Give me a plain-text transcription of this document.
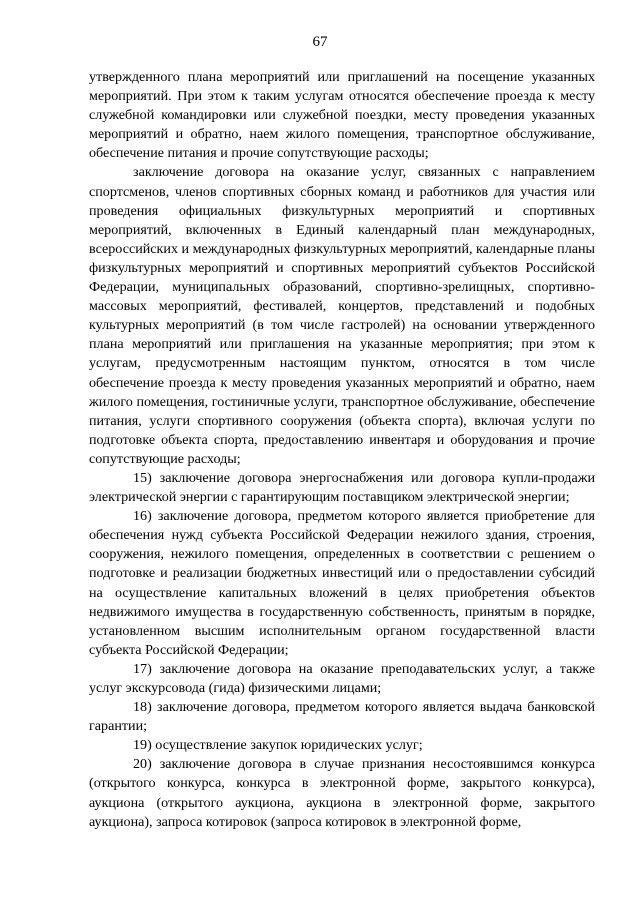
67

утвержденного плана мероприятий или приглашений на посещение указанных мероприятий. При этом к таким услугам относятся обеспечение проезда к месту служебной командировки или служебной поездки, месту проведения указанных мероприятий и обратно, наем жилого помещения, транспортное обслуживание, обеспечение питания и прочие сопутствующие расходы;

заключение договора на оказание услуг, связанных с направлением спортсменов, членов спортивных сборных команд и работников для участия или проведения официальных физкультурных мероприятий и спортивных мероприятий, включенных в Единый календарный план международных, всероссийских и международных физкультурных мероприятий, календарные планы физкультурных мероприятий и спортивных мероприятий субъектов Российской Федерации, муниципальных образований, спортивно-зрелищных, спортивно-массовых мероприятий, фестивалей, концертов, представлений и подобных культурных мероприятий (в том числе гастролей) на основании утвержденного плана мероприятий или приглашения на указанные мероприятия; при этом к услугам, предусмотренным настоящим пунктом, относятся в том числе обеспечение проезда к месту проведения указанных мероприятий и обратно, наем жилого помещения, гостиничные услуги, транспортное обслуживание, обеспечение питания, услуги спортивного сооружения (объекта спорта), включая услуги по подготовке объекта спорта, предоставлению инвентаря и оборудования и прочие сопутствующие расходы;

15) заключение договора энергоснабжения или договора купли-продажи электрической энергии с гарантирующим поставщиком электрической энергии;

16) заключение договора, предметом которого является приобретение для обеспечения нужд субъекта Российской Федерации нежилого здания, строения, сооружения, нежилого помещения, определенных в соответствии с решением о подготовке и реализации бюджетных инвестиций или о предоставлении субсидий на осуществление капитальных вложений в целях приобретения объектов недвижимого имущества в государственную собственность, принятым в порядке, установленном высшим исполнительным органом государственной власти субъекта Российской Федерации;

17) заключение договора на оказание преподавательских услуг, а также услуг экскурсовода (гида) физическими лицами;

18) заключение договора, предметом которого является выдача банковской гарантии;

19) осуществление закупок юридических услуг;

20) заключение договора в случае признания несостоявшимся конкурса (открытого конкурса, конкурса в электронной форме, закрытого конкурса), аукциона (открытого аукциона, аукциона в электронной форме, закрытого аукциона), запроса котировок (запроса котировок в электронной форме,
